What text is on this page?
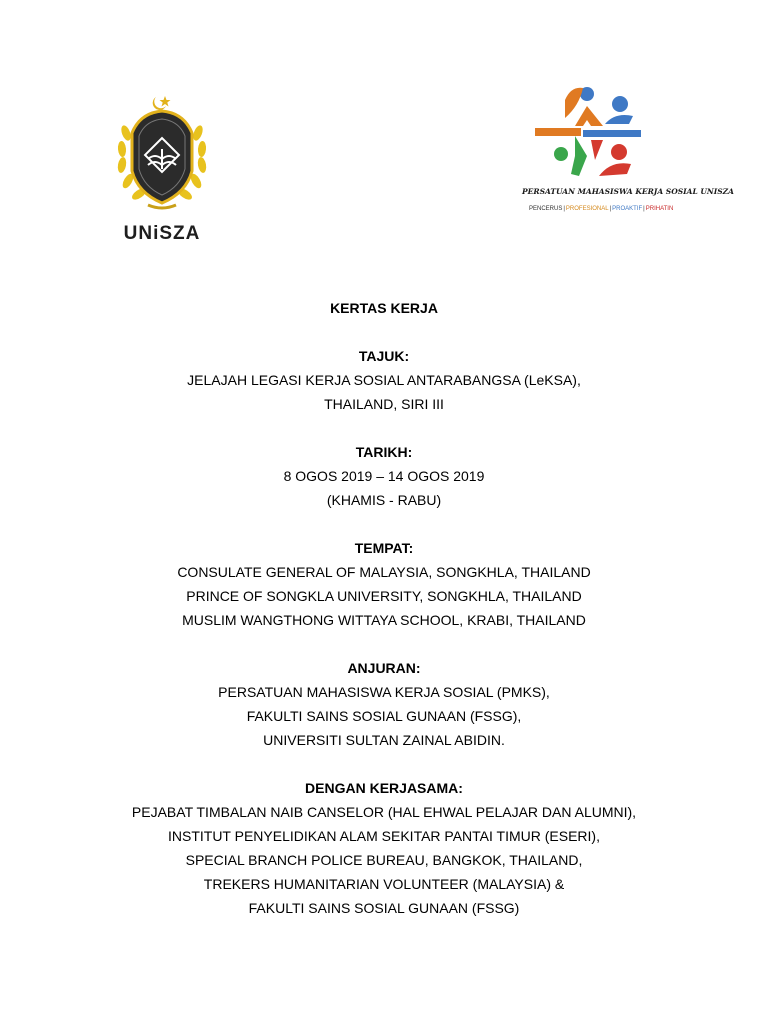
UNiSZA
PERSATUAN MAHASISWA KERJA SOSIAL UNISZA
PENCERUS|PROFESIONAL|PROAKTIF|PRIHATIN
KERTAS KERJA
TAJUK:
JELAJAH LEGASI KERJA SOSIAL ANTARABANGSA (LeKSA),
THAILAND, SIRI III
TARIKH:
8 OGOS 2019 – 14 OGOS 2019
(KHAMIS - RABU)
TEMPAT:
CONSULATE GENERAL OF MALAYSIA, SONGKHLA, THAILAND
PRINCE OF SONGKLA UNIVERSITY, SONGKHLA, THAILAND
MUSLIM WANGTHONG WITTAYA SCHOOL, KRABI, THAILAND
ANJURAN:
PERSATUAN MAHASISWA KERJA SOSIAL (PMKS),
FAKULTI SAINS SOSIAL GUNAAN (FSSG),
UNIVERSITI SULTAN ZAINAL ABIDIN.
DENGAN KERJASAMA:
PEJABAT TIMBALAN NAIB CANSELOR (HAL EHWAL PELAJAR DAN ALUMNI),
INSTITUT PENYELIDIKAN ALAM SEKITAR PANTAI TIMUR (ESERI),
SPECIAL BRANCH POLICE BUREAU, BANGKOK, THAILAND,
TREKERS HUMANITARIAN VOLUNTEER (MALAYSIA) &
FAKULTI SAINS SOSIAL GUNAAN (FSSG)
